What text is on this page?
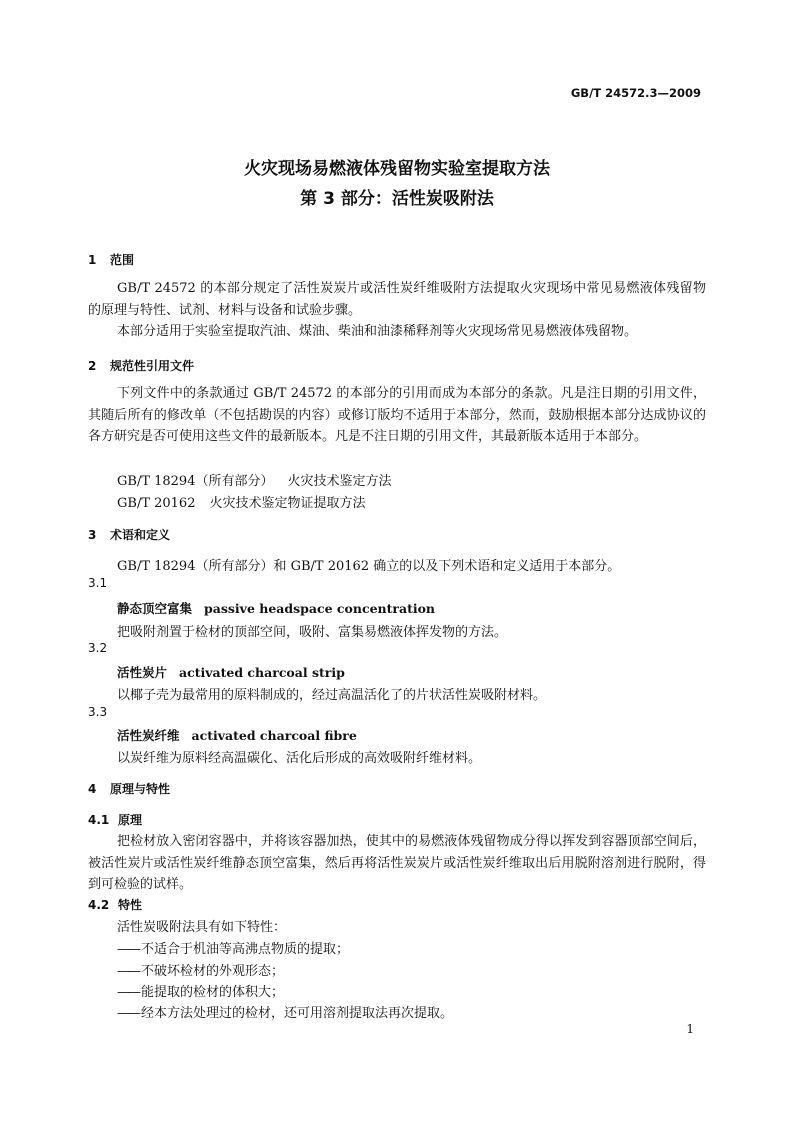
GB/T 24572.3—2009
火灾现场易燃液体残留物实验室提取方法
第 3 部分：活性炭吸附法
1 范围
GB/T 24572 的本部分规定了活性炭炭片或活性炭纤维吸附方法提取火灾现场中常见易燃液体残留物的原理与特性、试剂、材料与设备和试验步骤。
本部分适用于实验室提取汽油、煤油、柴油和油漆稀释剂等火灾现场常见易燃液体残留物。
2 规范性引用文件
下列文件中的条款通过 GB/T 24572 的本部分的引用而成为本部分的条款。凡是注日期的引用文件，其随后所有的修改单（不包括勘误的内容）或修订版均不适用于本部分，然而，鼓励根据本部分达成协议的各方研究是否可使用这些文件的最新版本。凡是不注日期的引用文件，其最新版本适用于本部分。
GB/T 18294（所有部分） 火灾技术鉴定方法
GB/T 20162 火灾技术鉴定物证提取方法
3 术语和定义
GB/T 18294（所有部分）和 GB/T 20162 确立的以及下列术语和定义适用于本部分。
3.1
静态顶空富集 passive headspace concentration
把吸附剂置于检材的顶部空间，吸附、富集易燃液体挥发物的方法。
3.2
活性炭片 activated charcoal strip
以椰子壳为最常用的原料制成的，经过高温活化了的片状活性炭吸附材料。
3.3
活性炭纤维 activated charcoal fibre
以炭纤维为原料经高温碳化、活化后形成的高效吸附纤维材料。
4 原理与特性
4.1 原理
把检材放入密闭容器中，并将该容器加热，使其中的易燃液体残留物成分得以挥发到容器顶部空间后，被活性炭片或活性炭纤维静态顶空富集，然后再将活性炭炭片或活性炭纤维取出后用脱附溶剂进行脱附，得到可检验的试样。
4.2 特性
活性炭吸附法具有如下特性：
—— 不适合于机油等高沸点物质的提取；
—— 不破坏检材的外观形态；
—— 能提取的检材的体积大；
—— 经本方法处理过的检材，还可用溶剂提取法再次提取。
1
